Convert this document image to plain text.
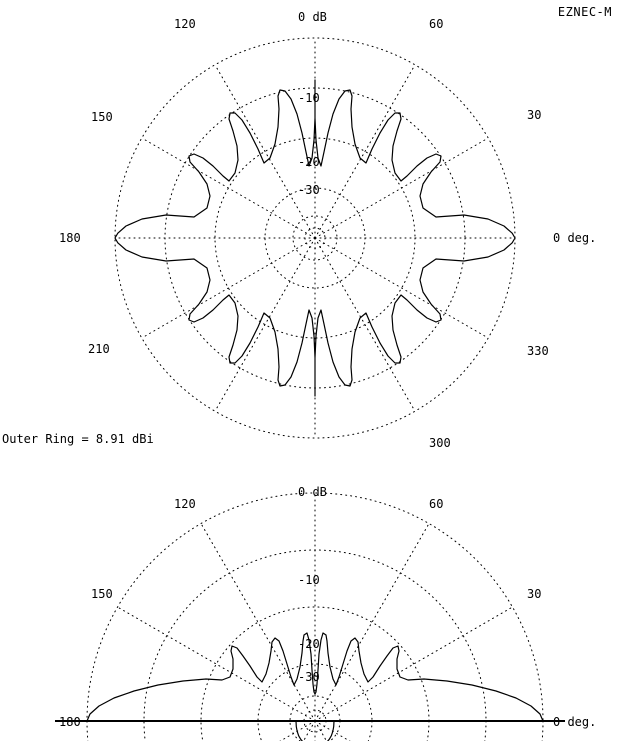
EZNEC-M
0 dB
-10
-20
-30
0 deg.
30
60
120
150
180
210
300
330
Outer Ring = 8.91 dBi
0 dB
-10
-20
-30
0 deg.
30
60
120
150
180
